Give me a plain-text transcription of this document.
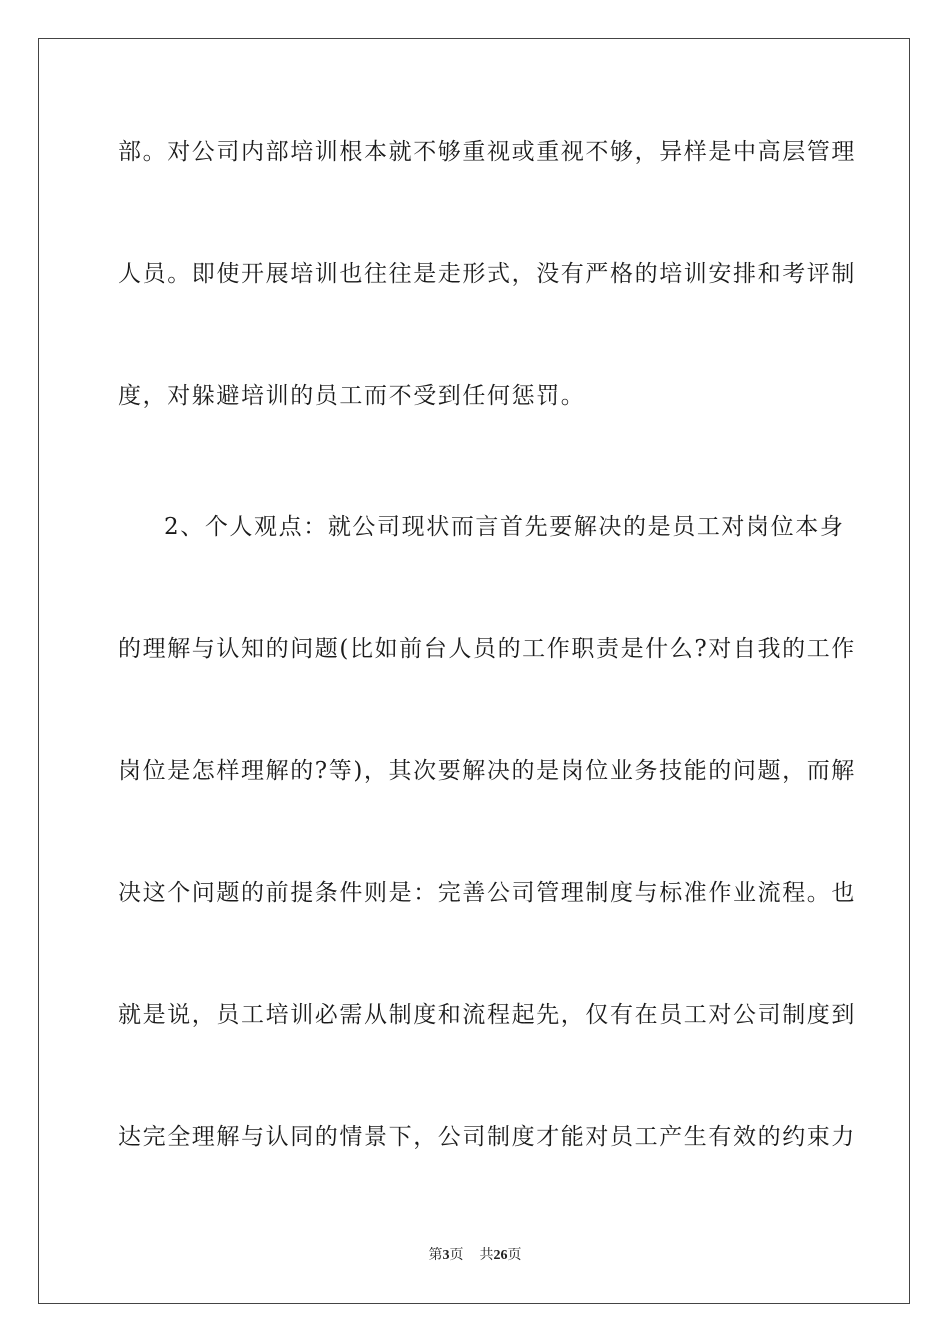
部。对公司内部培训根本就不够重视或重视不够，异样是中高层管理
人员。即使开展培训也往往是走形式，没有严格的培训安排和考评制
度，对躲避培训的员工而不受到任何惩罚。
2、个人观点：就公司现状而言首先要解决的是员工对岗位本身
的理解与认知的问题(比如前台人员的工作职责是什么?对自我的工作
岗位是怎样理解的?等)，其次要解决的是岗位业务技能的问题，而解
决这个问题的前提条件则是：完善公司管理制度与标准作业流程。也
就是说，员工培训必需从制度和流程起先，仅有在员工对公司制度到
达完全理解与认同的情景下，公司制度才能对员工产生有效的约束力
第3页 共26页
